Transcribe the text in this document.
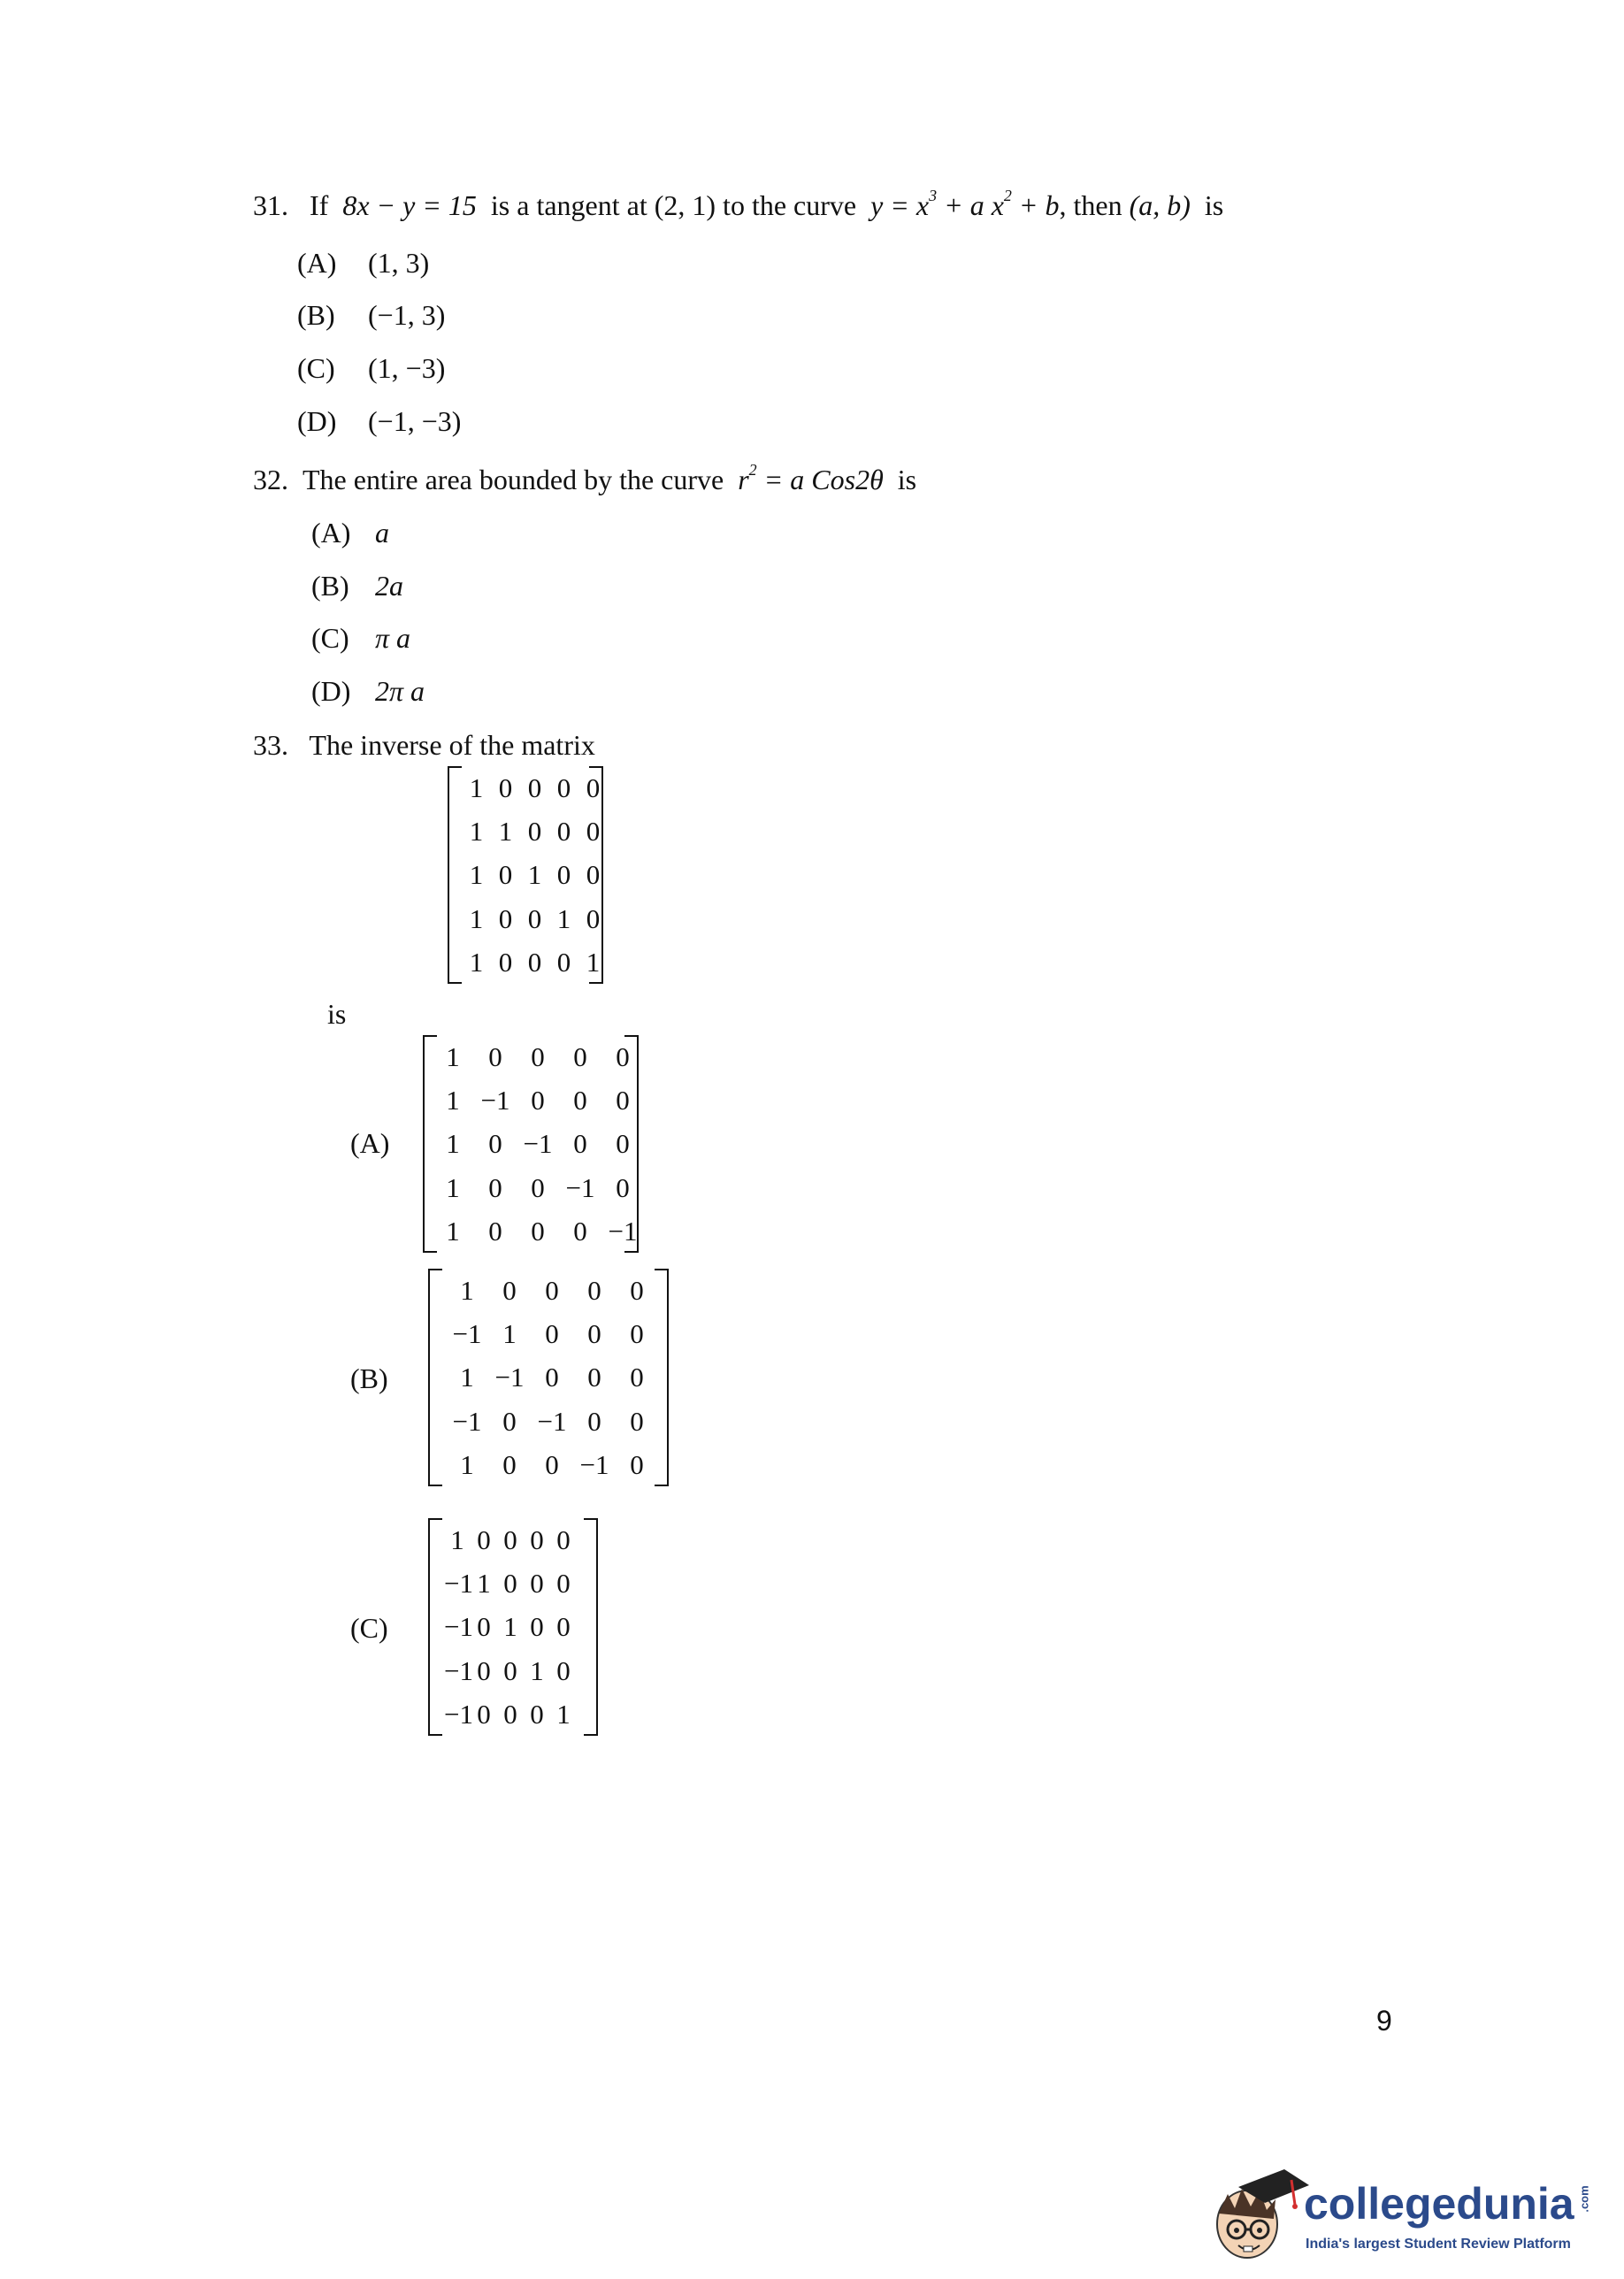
31. If 8x − y = 15 is a tangent at (2, 1) to the curve $y = x^3 + a$ $x^2 + b$, then (a, b) is
(A) (1, 3)
(B) (−1, 3)
(C) (1, −3)
(D) (−1, −3)
32. The entire area bounded by the curve $r^2 = a$ Cos2θ is
(A) a
(B) 2a
(C) π a
(D) 2π a
33. The inverse of the matrix
1 0 0 0 0
1 1 0 0 0
1 0 1 0 0
1 0 0 1 0
1 0 0 0 1
is
(A)
1	0	0	0	0
1 −1 0	0	0
1	0 −1 0	0
1	0	0 −1 0
1	0	0	0 −1
(B)
1	0	0	0	0
−1 1	0	0	0
1 −1 0	0	0
−1 0 −1 0	0
1	0	0 −1 0
(C)
1 0 0 0 0
−1 1 0 0 0
−1 0 1 0 0
−1 0 0 1 0
−1 0 0 0 1
9
collegedunia .com
India's largest Student Review Platform
